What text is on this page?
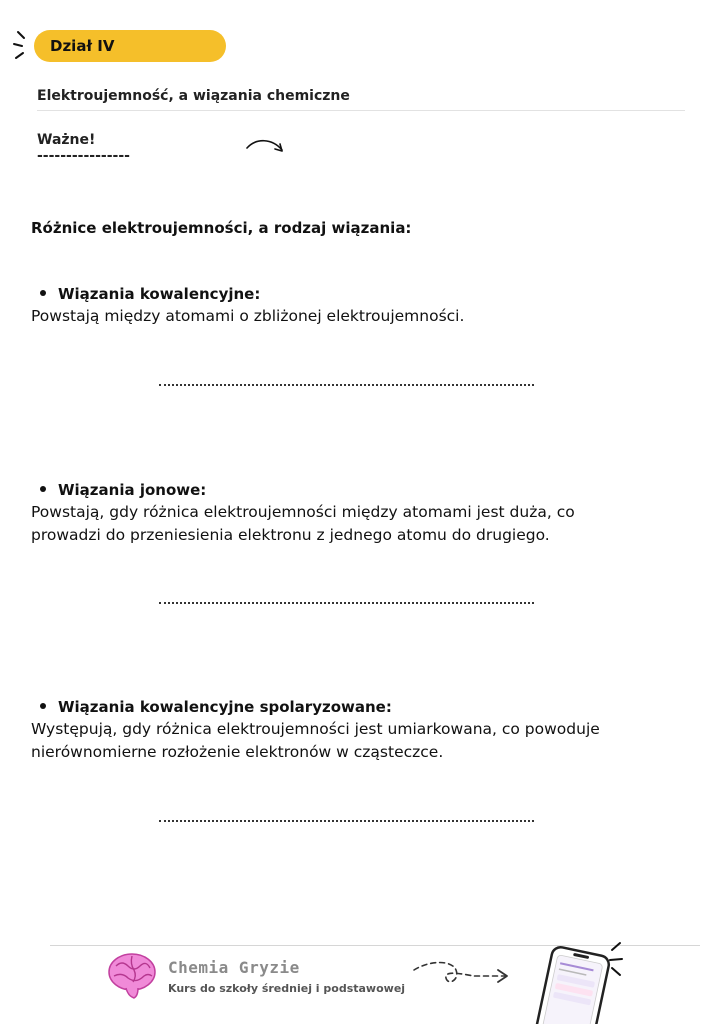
Dział IV
Elektroujemność, a wiązania chemiczne
Ważne!
----------------
Różnice elektroujemności, a rodzaj wiązania:
Wiązania kowalencyjne:
Powstają między atomami o zbliżonej elektroujemności.
Wiązania jonowe:
Powstają, gdy różnica elektroujemności między atomami jest duża, co
prowadzi do przeniesienia elektronu z jednego atomu do drugiego.
Wiązania kowalencyjne spolaryzowane:
Występują, gdy różnica elektroujemności jest umiarkowana, co powoduje
nierównomierne rozłożenie elektronów w cząsteczce.
Chemia Gryzie
Kurs do szkoły średniej i podstawowej
